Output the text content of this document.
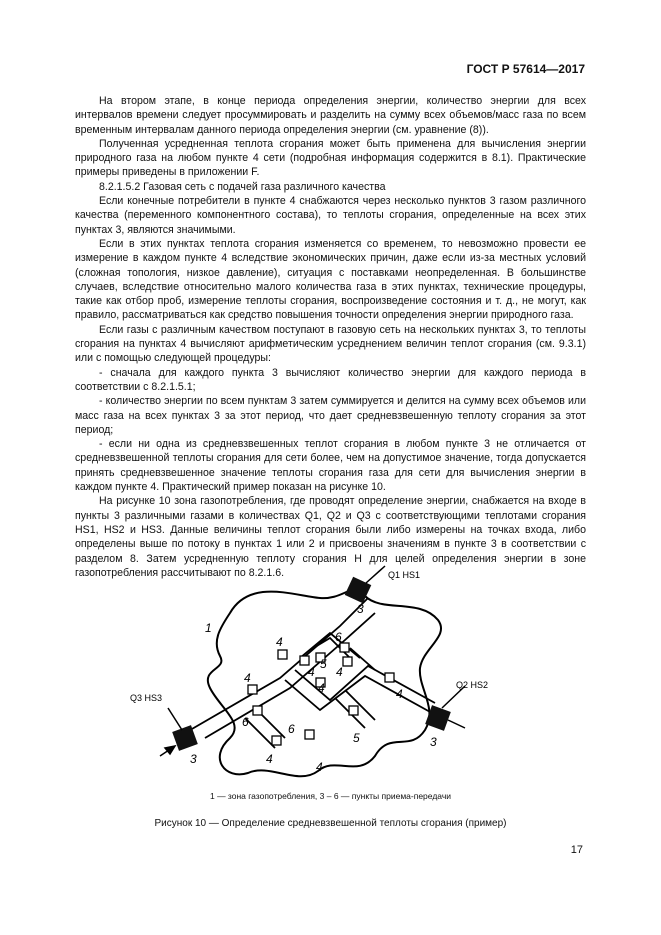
ГОСТ Р 57614—2017

На втором этапе, в конце периода определения энергии, количество энергии для всех интервалов времени следует просуммировать и разделить на сумму всех объемов/масс газа по всем временным интервалам данного периода определения энергии (см. уравнение (8)).

Полученная усредненная теплота сгорания может быть применена для вычисления энергии природного газа на любом пункте 4 сети (подробная информация содержится в 8.1). Практические примеры приведены в приложении F.

8.2.1.5.2 Газовая сеть с подачей газа различного качества

Если конечные потребители в пункте 4 снабжаются через несколько пунктов 3 газом различного качества (переменного компонентного состава), то теплоты сгорания, определенные на всех этих пунктах 3, являются значимыми.

Если в этих пунктах теплота сгорания изменяется со временем, то невозможно провести ее измерение в каждом пункте 4 вследствие экономических причин, даже если из-за местных условий (сложная топология, низкое давление), ситуация с поставками неопределенная. В большинстве случаев, вследствие относительно малого количества газа в этих пунктах, технические процедуры, такие как отбор проб, измерение теплоты сгорания, воспроизведение состояния и т. д., не могут, как правило, рассматриваться как средство повышения точности определения энергии природного газа.

Если газы с различным качеством поступают в газовую сеть на нескольких пунктах 3, то теплоты сгорания на пунктах 4 вычисляют арифметическим усреднением величин теплот сгорания (см. 9.3.1) или с помощью следующей процедуры:

- сначала для каждого пункта 3 вычисляют количество энергии для каждого периода в соответствии с 8.2.1.5.1;

- количество энергии по всем пунктам 3 затем суммируется и делится на сумму всех объемов или масс газа на всех пунктах 3 за этот период, что дает средневзвешенную теплоту сгорания за этот период;

- если ни одна из средневзвешенных теплот сгорания в любом пункте 3 не отличается от средневзвешенной теплоты сгорания для сети более, чем на допустимое значение, тогда допускается принять средневзвешенное значение теплоты сгорания газа для сети для вычисления энергии в каждом пункте 4. Практический пример показан на рисунке 10.

На рисунке 10 зона газопотребления, где проводят определение энергии, снабжается на входе в пункты 3 различными газами в количествах Q1, Q2 и Q3 с соответствующими теплотами сгорания HS1, HS2 и HS3. Данные величины теплот сгорания были либо измерены на точках входа, либо определены выше по потоку в пунктах 1 или 2 и присвоены значениям в пункте 3 в соответствии с разделом 8. Затем усредненную теплоту сгорания H для целей определения энергии в зоне газопотребления рассчитывают по 8.2.1.6.

1
3
3
3
4	6
4
5
4
4
4	4
6	6
5
4
4
Q1 HS1
Q2 HS2
Q3 HS3
1 — зона газопотребления, 3 – 6 — пункты приема-передачи
Рисунок 10 — Определение средневзвешенной теплоты сгорания (пример)
17
